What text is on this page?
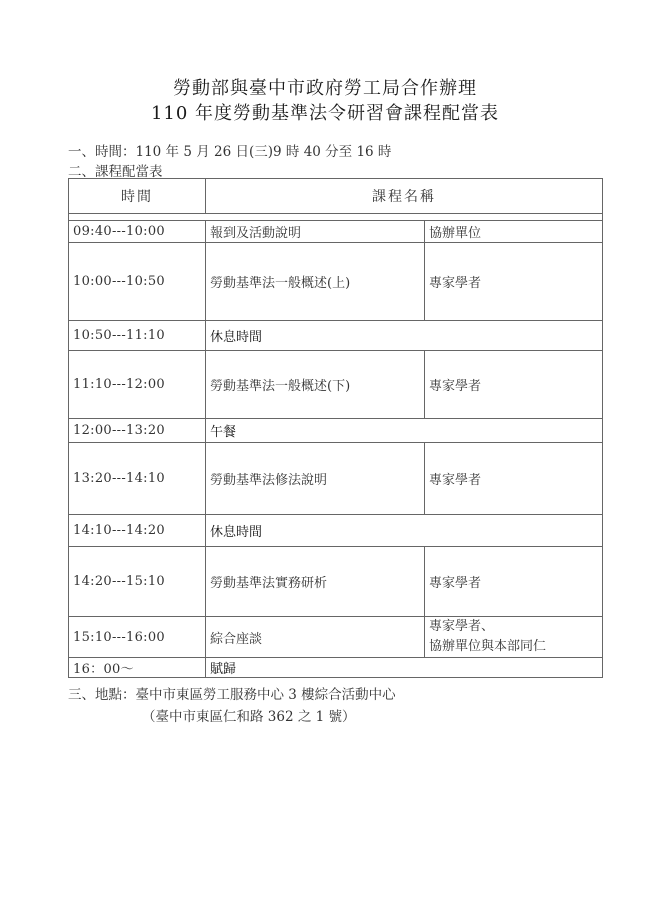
勞動部與臺中市政府勞工局合作辦理
110 年度勞動基準法令研習會課程配當表
一、時間：110 年 5 月 26 日(三)9 時 40 分至 16 時
二、課程配當表
時間	課程名稱	

09:40---10:00	報到及活動說明	協辦單位
10:00---10:50	勞動基準法一般概述(上)	專家學者
10:50---11:10	休息時間	
11:10---12:00	勞動基準法一般概述(下)	專家學者
12:00---13:20	午餐	
13:20---14:10	勞動基準法修法說明	專家學者
14:10---14:20	休息時間	
14:20---15:10	勞動基準法實務研析	專家學者
15:10---16:00	綜合座談	專家學者、
協辦單位與本部同仁

16：00～	賦歸	
三、地點：臺中市東區勞工服務中心 3 樓綜合活動中心
（臺中市東區仁和路 362 之 1 號）
